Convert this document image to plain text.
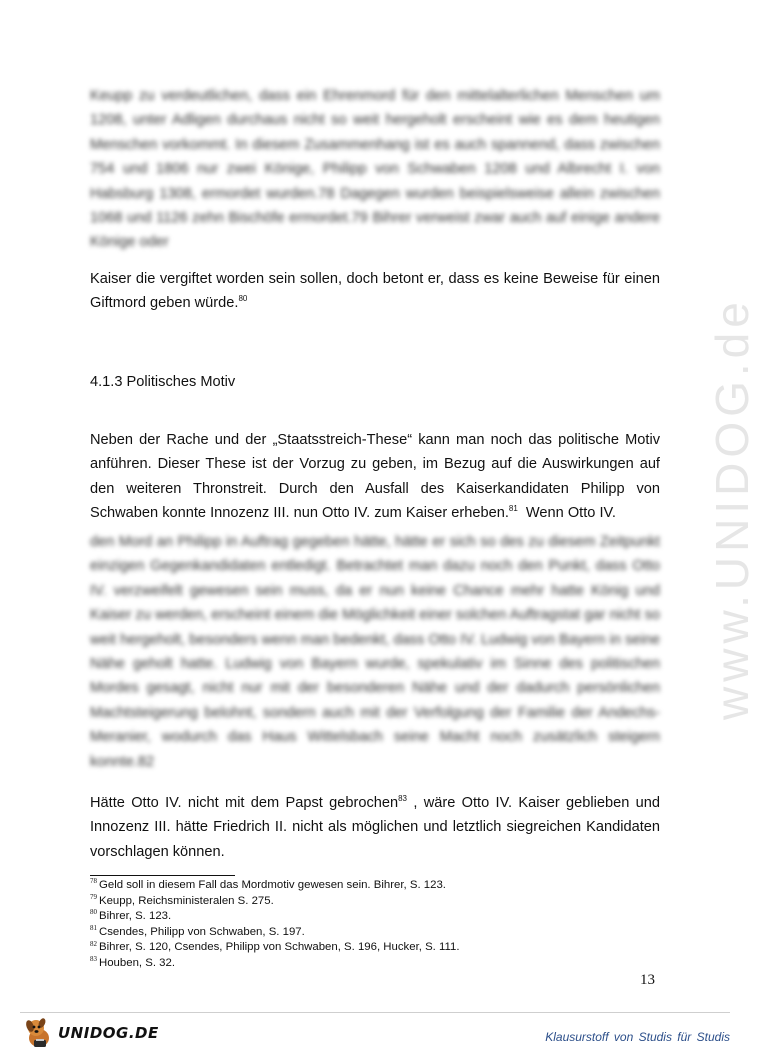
www.UNIDOG.de
Keupp zu verdeutlichen, dass ein Ehrenmord für den mittelalterlichen Menschen um 1208, unter Adligen durchaus nicht so weit hergeholt erscheint wie es dem heutigen Menschen vorkommt. In diesem Zusammenhang ist es auch spannend, dass zwischen 754 und 1806 nur zwei Könige, Philipp von Schwaben 1208 und Albrecht I. von Habsburg 1308, ermordet wurden.78 Dagegen wurden beispielsweise allein zwischen 1068 und 1126 zehn Bischöfe ermordet.79 Bihrer verweist zwar auch auf einige andere Könige oder
Kaiser die vergiftet worden sein sollen, doch betont er, dass es keine Beweise für einen Giftmord geben würde.$^{80}$
4.1.3 Politisches Motiv
Neben der Rache und der „Staatsstreich-These“ kann man noch das politische Motiv anführen. Dieser These ist der Vorzug zu geben, im Bezug auf die Auswirkungen auf den weiteren Thronstreit. Durch den Ausfall des Kaiserkandidaten Philipp von Schwaben konnte Innozenz III. nun Otto IV. zum Kaiser erheben.$^{81}$  Wenn Otto IV.
den Mord an Philipp in Auftrag gegeben hätte, hätte er sich so des zu diesem Zeitpunkt einzigen Gegenkandidaten entledigt. Betrachtet man dazu noch den Punkt, dass Otto IV. verzweifelt gewesen sein muss, da er nun keine Chance mehr hatte König und Kaiser zu werden, erscheint einem die Möglichkeit einer solchen Auftragstat gar nicht so weit hergeholt, besonders wenn man bedenkt, dass Otto IV. Ludwig von Bayern in seine Nähe geholt hatte. Ludwig von Bayern wurde, spekulativ im Sinne des politischen Mordes gesagt, nicht nur mit der besonderen Nähe und der dadurch persönlichen Machtsteigerung belohnt, sondern auch mit der Verfolgung der Familie der Andechs-Meranier, wodurch das Haus Wittelsbach seine Macht noch zusätzlich steigern konnte.82
Hätte Otto IV. nicht mit dem Papst gebrochen$^{83}$ , wäre Otto IV. Kaiser geblieben und Innozenz III. hätte Friedrich II. nicht als möglichen und letztlich siegreichen Kandidaten vorschlagen können.
$^{78}$ Geld soll in diesem Fall das Mordmotiv gewesen sein. Bihrer, S. 123.
$^{79}$ Keupp, Reichsministeralen S. 275.
$^{80}$ Bihrer, S. 123.
$^{81}$ Csendes, Philipp von Schwaben, S. 197.
$^{82}$ Bihrer, S. 120, Csendes, Philipp von Schwaben, S. 196, Hucker, S. 111.
$^{83}$ Houben, S. 32.
13
UNIDOG.DE	Klausurstoff von Studis für Studis
